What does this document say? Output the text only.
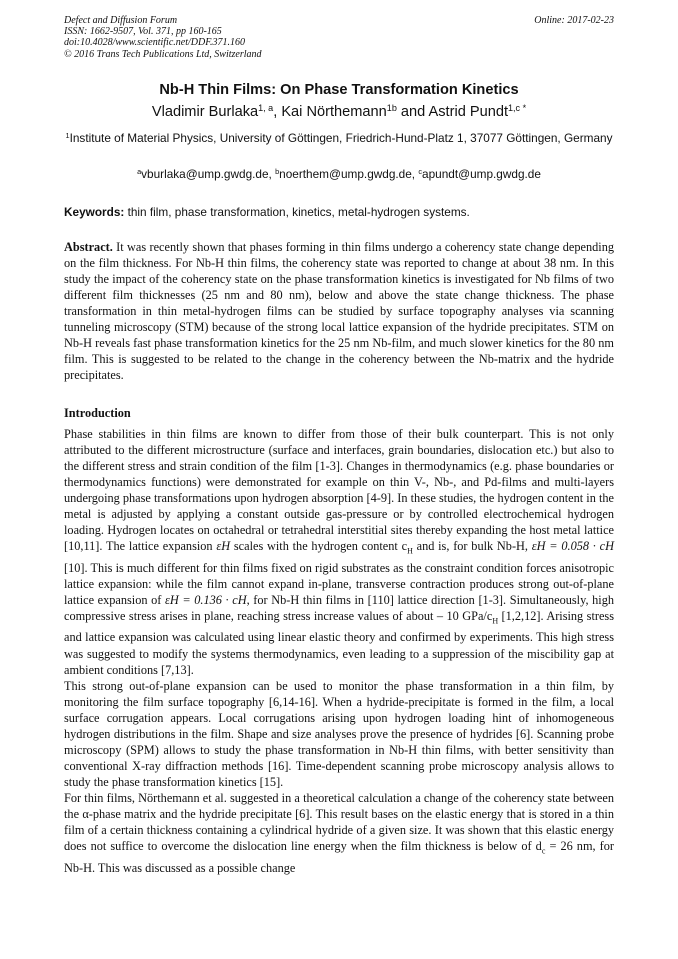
Defect and Diffusion Forum
ISSN: 1662-9507, Vol. 371, pp 160-165
doi:10.4028/www.scientific.net/DDF.371.160
© 2016 Trans Tech Publications Ltd, Switzerland
Online: 2017-02-23
Nb-H Thin Films: On Phase Transformation Kinetics
Vladimir Burlaka$^{1, a}$, Kai Nörthemann$^{1b}$ and Astrid Pundt$^{1,c *}$
$^1$Institute of Material Physics, University of Göttingen, Friedrich-Hund-Platz 1, 37077 Göttingen, Germany
$^a$vburlaka@ump.gwdg.de, $^b$noerthem@ump.gwdg.de, $^c$apundt@ump.gwdg.de
Keywords: thin film, phase transformation, kinetics, metal-hydrogen systems.
Abstract. It was recently shown that phases forming in thin films undergo a coherency state change depending on the film thickness. For Nb-H thin films, the coherency state was reported to change at about 38 nm. In this study the impact of the coherency state on the phase transformation kinetics is investigated for Nb films of two different film thicknesses (25 nm and 80 nm), below and above the state change thickness. The phase transformation in thin metal-hydrogen films can be studied by surface topography analyses via scanning tunneling microscopy (STM) because of the strong local lattice expansion of the hydride precipitates. STM on Nb-H reveals fast phase transformation kinetics for the 25 nm Nb-film, and much slower kinetics for the 80 nm film. This is suggested to be related to the change in the coherency between the Nb-matrix and the hydride precipitates.
Introduction

Phase stabilities in thin films are known to differ from those of their bulk counterpart. This is not only attributed to the different microstructure (surface and interfaces, grain boundaries, dislocation etc.) but also to the different stress and strain condition of the film [1-3]. Changes in thermodynamics (e.g. phase boundaries or thermodynamics functions) were demonstrated for example on thin V-, Nb-, and Pd-films and multi-layers undergoing phase transformations upon hydrogen absorption [4-9]. In these studies, the hydrogen content in the metal is adjusted by applying a constant outside gas-pressure or by controlled electrochemical hydrogen loading. Hydrogen locates on octahedral or tetrahedral interstitial sites thereby expanding the host metal lattice [10,11]. The lattice expansion εH scales with the hydrogen content $c_H$ and is, for bulk Nb-H, εH = 0.058 · cH [10]. This is much different for thin films fixed on rigid substrates as the constraint condition forces anisotropic lattice expansion: while the film cannot expand in-plane, transverse contraction produces strong out-of-plane lattice expansion of εH = 0.136 · cH, for Nb-H thin films in [110] lattice direction [1-3]. Simultaneously, high compressive stress arises in plane, reaching stress increase values of about – 10 GPa/$c_H$ [1,2,12]. Arising stress and lattice expansion was calculated using linear elastic theory and confirmed by experiments. This high stress was suggested to modify the systems thermodynamics, even leading to a suppression of the miscibility gap at ambient conditions [7,13].

This strong out-of-plane expansion can be used to monitor the phase transformation in a thin film, by monitoring the film surface topography [6,14-16]. When a hydride-precipitate is formed in the film, a local surface corrugation appears. Local corrugations arising upon hydrogen loading hint of inhomogeneous hydrogen distributions in the film. Shape and size analyses prove the presence of hydrides [6]. Scanning probe microscopy (SPM) allows to study the phase transformation in Nb-H thin films, with better sensitivity than conventional X-ray diffraction methods [16]. Time-dependent scanning probe microscopy analysis allows to study the phase transformation kinetics [15].

For thin films, Nörthemann et al. suggested in a theoretical calculation a change of the coherency state between the α-phase matrix and the hydride precipitate [6]. This result bases on the elastic energy that is stored in a thin film of a certain thickness containing a cylindrical hydride of a given size. It was shown that this elastic energy does not suffice to overcome the dislocation line energy when the film thickness is below of $d_c = 26$ nm, for Nb-H. This was discussed as a possible change
